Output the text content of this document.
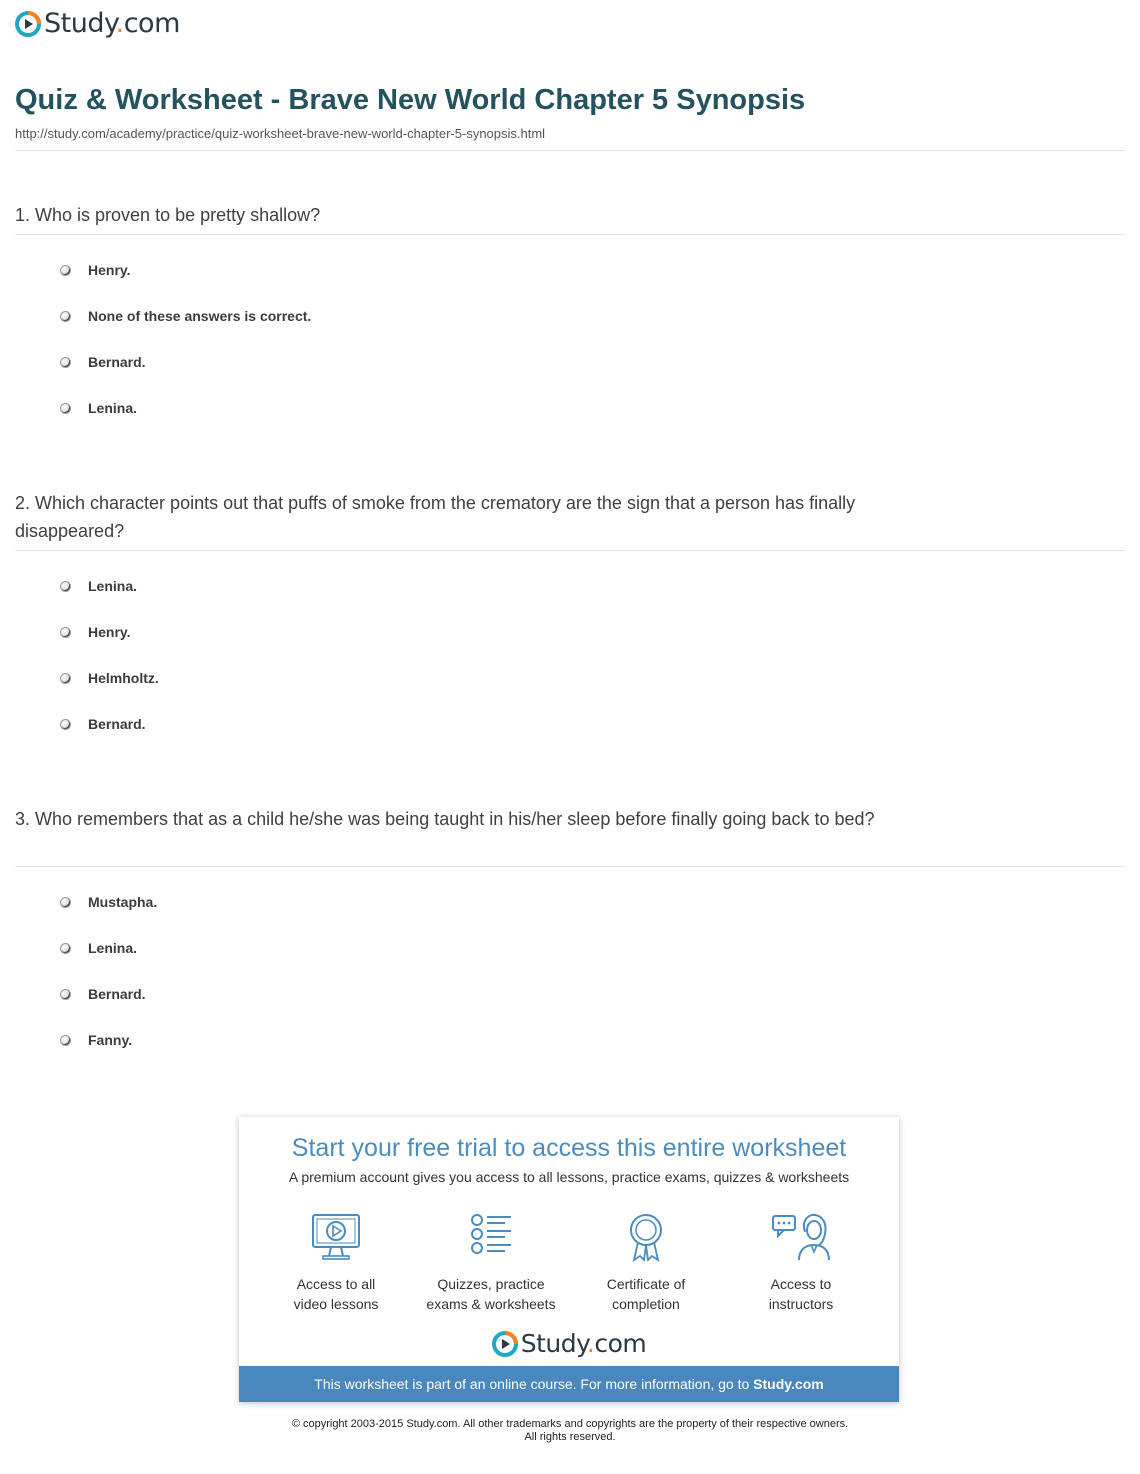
Study.com
Quiz & Worksheet - Brave New World Chapter 5 Synopsis
http://study.com/academy/practice/quiz-worksheet-brave-new-world-chapter-5-synopsis.html
1. Who is proven to be pretty shallow?
Henry.
None of these answers is correct.
Bernard.
Lenina.
2. Which character points out that puffs of smoke from the crematory are the sign that a person has finally disappeared?
Lenina.
Henry.
Helmholtz.
Bernard.
3. Who remembers that as a child he/she was being taught in his/her sleep before finally going back to bed?
Mustapha.
Lenina.
Bernard.
Fanny.
Start your free trial to access this entire worksheet
A premium account gives you access to all lessons, practice exams, quizzes & worksheets
Access to all
video lessons
Quizzes, practice
exams & worksheets
Certificate of
completion
Access to
instructors
Study.com
This worksheet is part of an online course. For more information, go to Study.com
© copyright 2003-2015 Study.com. All other trademarks and copyrights are the property of their respective owners.
All rights reserved.
